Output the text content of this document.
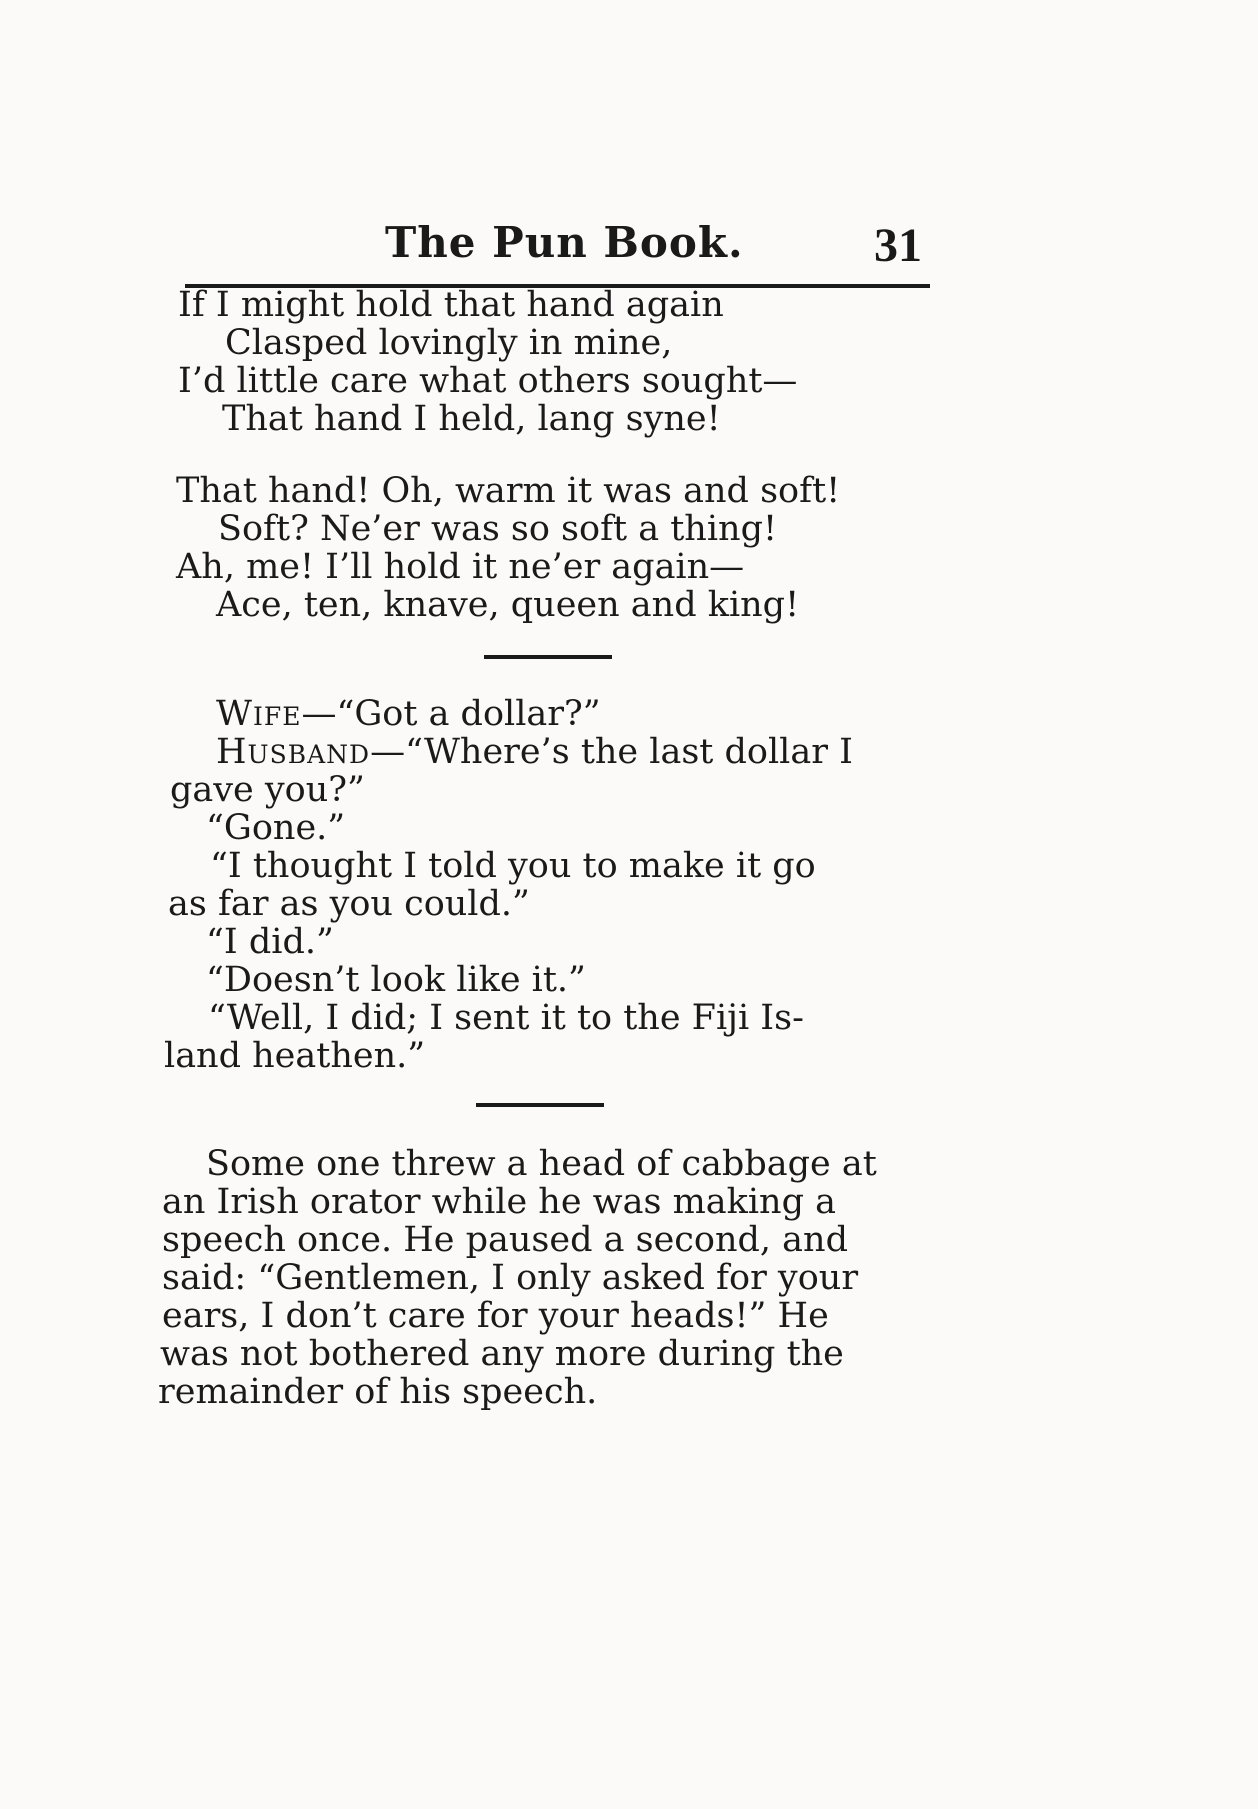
The Pun Book.	31
If I might hold that hand again
Clasped lovingly in mine,
I’d little care what others sought—
That hand I held, lang syne!
That hand! Oh, warm it was and soft!
Soft? Ne’er was so soft a thing!
Ah, me! I’ll hold it ne’er again—
Ace, ten, knave, queen and king!
Wife—“Got a dollar?”
Husband—“Where’s the last dollar I
gave you?”
“Gone.”
“I thought I told you to make it go
as far as you could.”
“I did.”
“Doesn’t look like it.”
“Well, I did; I sent it to the Fiji Is-
land heathen.”
Some one threw a head of cabbage at
an Irish orator while he was making a
speech once. He paused a second, and
said: “Gentlemen, I only asked for your
ears, I don’t care for your heads!” He
was not bothered any more during the
remainder of his speech.
